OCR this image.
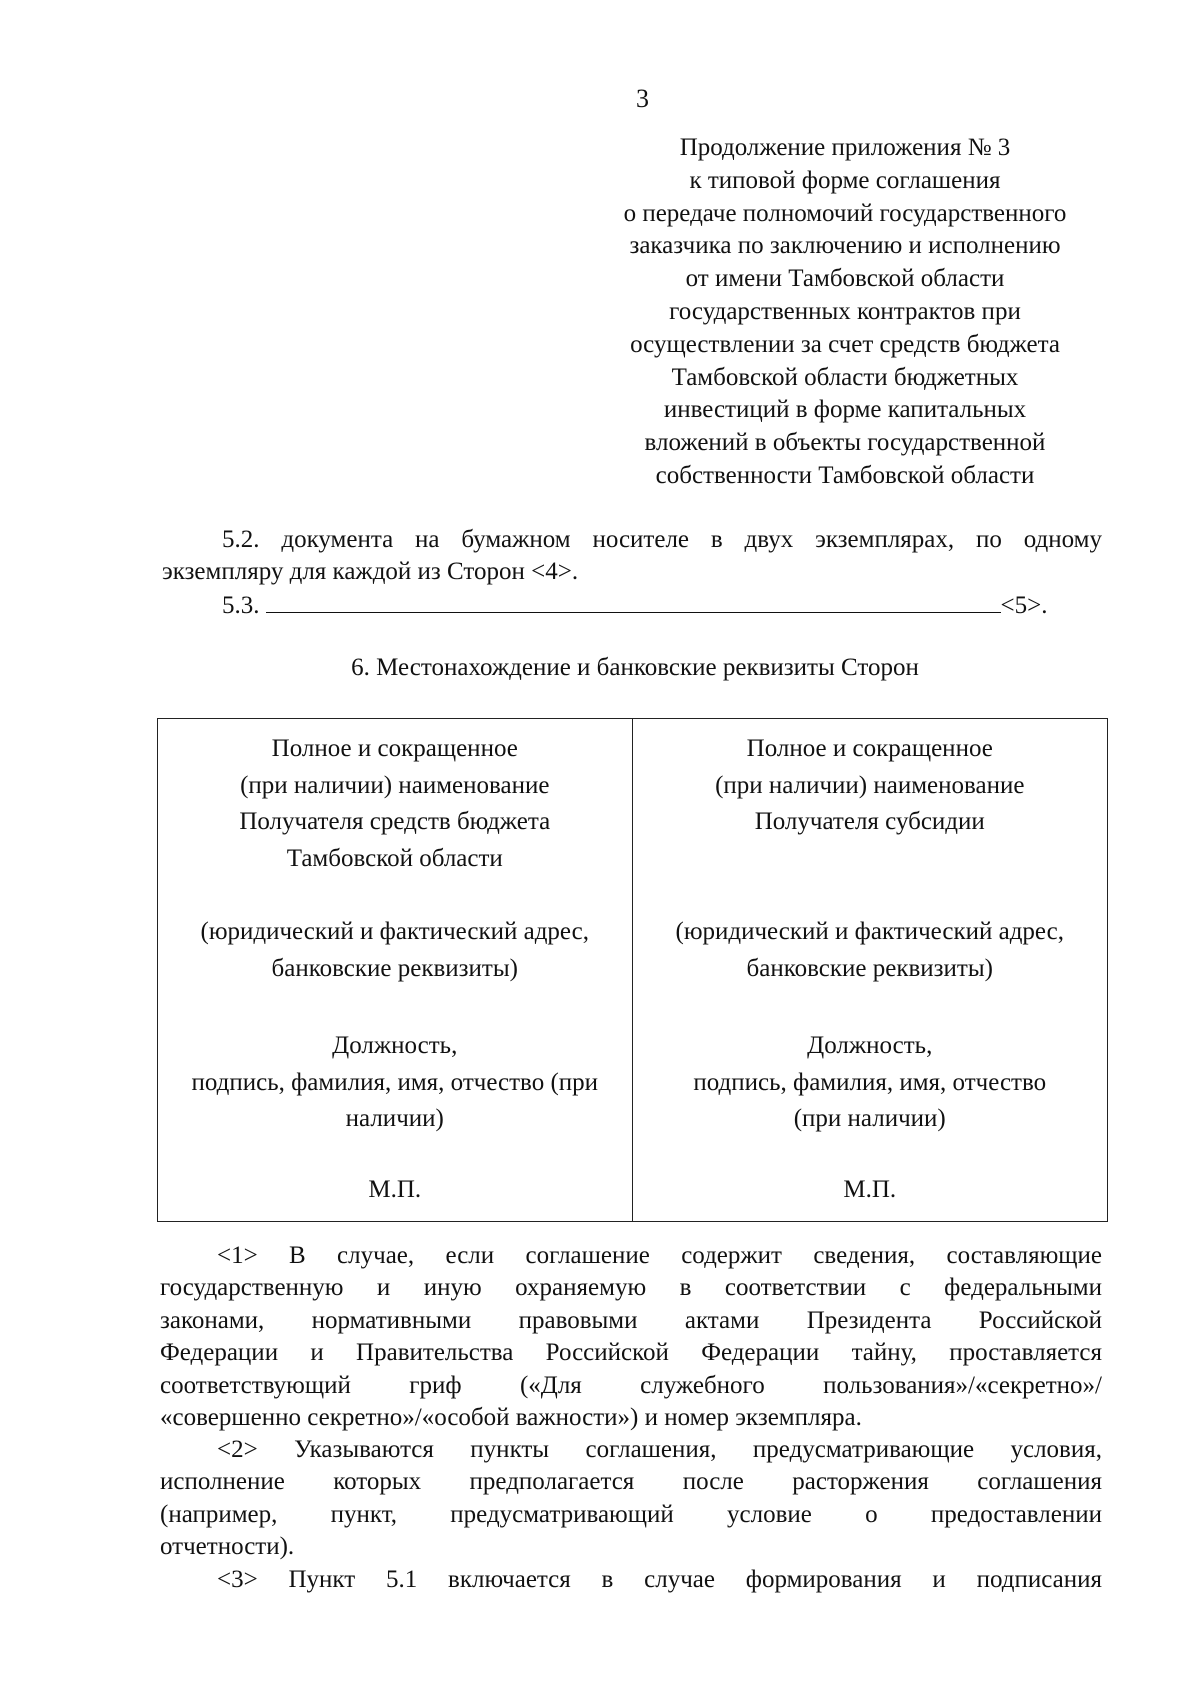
3
Продолжение приложения № 3
к типовой форме соглашения
о передаче полномочий государственного
заказчика по заключению и исполнению
от имени Тамбовской области
государственных контрактов при
осуществлении за счет средств бюджета
Тамбовской области бюджетных
инвестиций в форме капитальных
вложений в объекты государственной
собственности Тамбовской области
5.2. документа на бумажном носителе в двух экземплярах, по одному
экземпляру для каждой из Сторон <4>.
5.3.	<5>.
6. Местонахождение и банковские реквизиты Сторон
Полное и сокращенное
(при наличии) наименование
Получателя средств бюджета
Тамбовской области
(юридический и фактический адрес,
банковские реквизиты)
Должность,
подпись, фамилия, имя, отчество (при
наличии)
М.П.
Полное и сокращенное
(при наличии) наименование
Получателя субсидии
(юридический и фактический адрес,
банковские реквизиты)
Должность,
подпись, фамилия, имя, отчество
(при наличии)
М.П.
<1> В случае, если соглашение содержит сведения, составляющие
государственную и иную охраняемую в соответствии с федеральными
законами, нормативными правовыми актами Президента Российской
Федерации и Правительства Российской Федерации тайну, проставляется
соответствующий гриф («Для служебного пользования»/«секретно»/
«совершенно секретно»/«особой важности») и номер экземпляра.
<2> Указываются пункты соглашения, предусматривающие условия,
исполнение которых предполагается после расторжения соглашения
(например, пункт, предусматривающий условие о предоставлении
отчетности).
<3> Пункт 5.1 включается в случае формирования и подписания
